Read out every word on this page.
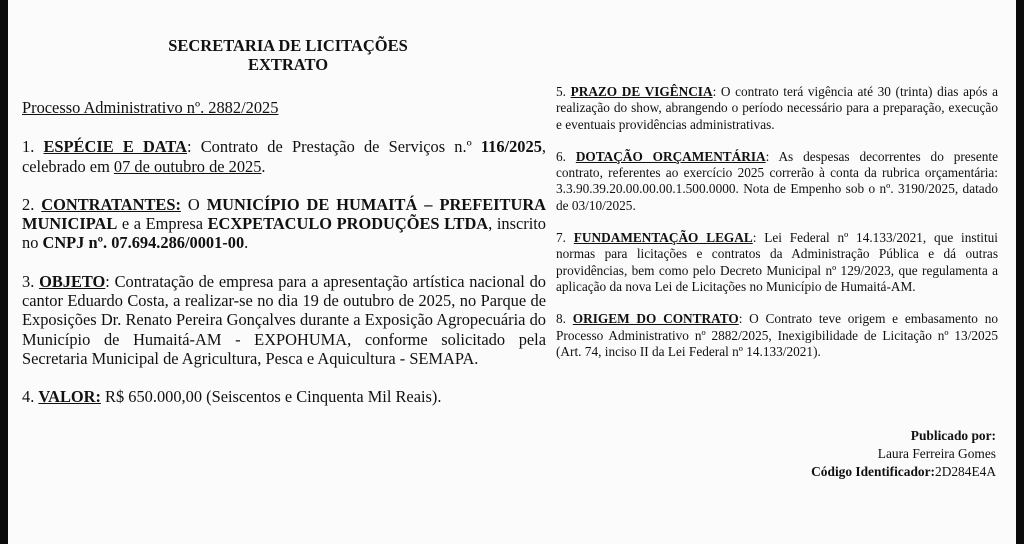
SECRETARIA DE LICITAÇÕES
EXTRATO

Processo Administrativo nº. 2882/2025

1. ESPÉCIE E DATA: Contrato de Prestação de Serviços n.º 116/2025, celebrado em 07 de outubro de 2025.

2. CONTRATANTES: O MUNICÍPIO DE HUMAITÁ – PREFEITURA MUNICIPAL e a Empresa ECXPETACULO PRODUÇÕES LTDA, inscrito no CNPJ nº. 07.694.286/0001-00.

3. OBJETO: Contratação de empresa para a apresentação artística nacional do cantor Eduardo Costa, a realizar-se no dia 19 de outubro de 2025, no Parque de Exposições Dr. Renato Pereira Gonçalves durante a Exposição Agropecuária do Município de Humaitá-AM - EXPOHUMA, conforme solicitado pela Secretaria Municipal de Agricultura, Pesca e Aquicultura - SEMAPA.

4. VALOR: R$ 650.000,00 (Seiscentos e Cinquenta Mil Reais).

5. PRAZO DE VIGÊNCIA: O contrato terá vigência até 30 (trinta) dias após a realização do show, abrangendo o período necessário para a preparação, execução e eventuais providências administrativas.

6. DOTAÇÃO ORÇAMENTÁRIA: As despesas decorrentes do presente contrato, referentes ao exercício 2025 correrão à conta da rubrica orçamentária: 3.3.90.39.20.00.00.00.1.500.0000. Nota de Empenho sob o nº. 3190/2025, datado de 03/10/2025.

7. FUNDAMENTAÇÃO LEGAL: Lei Federal nº 14.133/2021, que institui normas para licitações e contratos da Administração Pública e dá outras providências, bem como pelo Decreto Municipal nº 129/2023, que regulamenta a aplicação da nova Lei de Licitações no Município de Humaitá-AM.

8. ORIGEM DO CONTRATO: O Contrato teve origem e embasamento no Processo Administrativo nº 2882/2025, Inexigibilidade de Licitação nº 13/2025 (Art. 74, inciso II da Lei Federal nº 14.133/2021).

Publicado por:
Laura Ferreira Gomes
Código Identificador:2D284E4A
